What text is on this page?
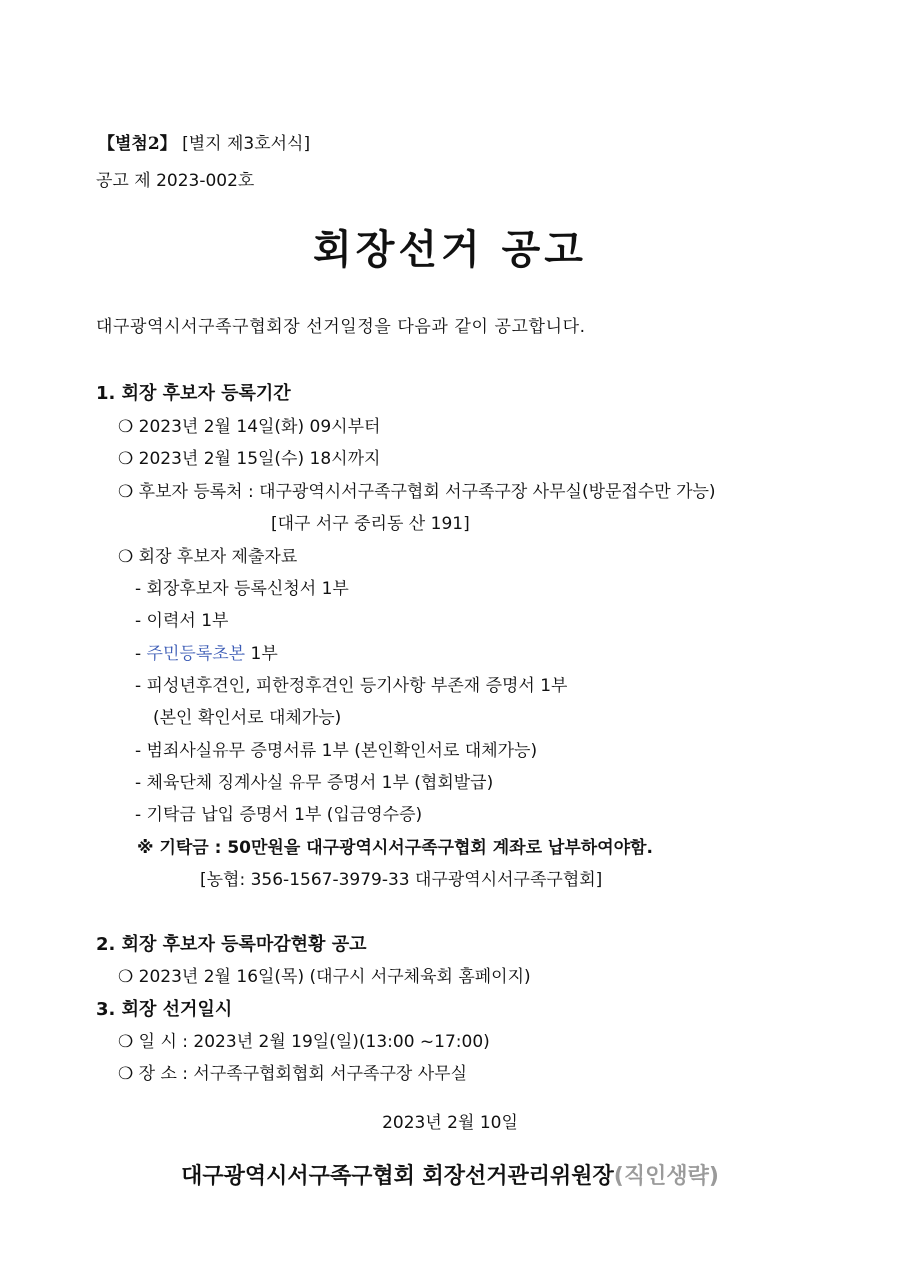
【별첨2】 [별지 제3호서식]
공고 제 2023-002호
회장선거 공고
대구광역시서구족구협회장 선거일정을 다음과 같이 공고합니다.
1. 회장 후보자 등록기간
❍ 2023년 2월 14일(화) 09시부터
❍ 2023년 2월 15일(수) 18시까지
❍ 후보자 등록처 : 대구광역시서구족구협회 서구족구장 사무실(방문접수만 가능)
[대구 서구 중리동 산 191]
❍ 회장 후보자 제출자료
- 회장후보자 등록신청서 1부
- 이력서 1부
- 주민등록초본 1부
- 피성년후견인, 피한정후견인 등기사항 부존재 증명서 1부
(본인 확인서로 대체가능)
- 범죄사실유무 증명서류 1부 (본인확인서로 대체가능)
- 체육단체 징계사실 유무 증명서 1부 (협회발급)
- 기탁금 납입 증명서 1부 (입금영수증)
※ 기탁금 : 50만원을 대구광역시서구족구협회 계좌로 납부하여야함.
[농협: 356-1567-3979-33 대구광역시서구족구협회]
2. 회장 후보자 등록마감현황 공고
❍ 2023년 2월 16일(목) (대구시 서구체육회 홈페이지)
3. 회장 선거일시
❍ 일 시 : 2023년 2월 19일(일)(13:00 ~17:00)
❍ 장 소 : 서구족구협회협회 서구족구장 사무실
2023년 2월 10일
대구광역시서구족구협회 회장선거관리위원장(직인생략)
